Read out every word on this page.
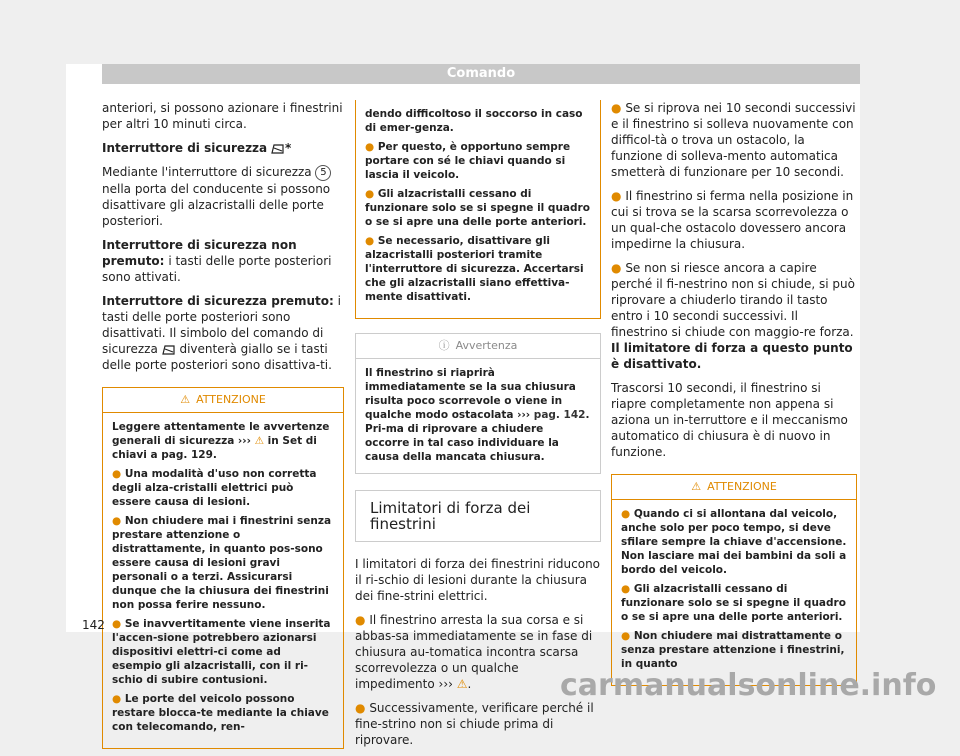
Comando

anteriori, si possono azionare i finestrini per altri 10 minuti circa.

Interruttore di sicurezza *

Mediante l'interruttore di sicurezza 5 nella porta del conducente si possono disattivare gli alzacristalli delle porte posteriori.

Interruttore di sicurezza non premuto: i tasti delle porte posteriori sono attivati.

Interruttore di sicurezza premuto: i tasti delle porte posteriori sono disattivati. Il simbolo del comando di sicurezza diventerà giallo se i tasti delle porte posteriori sono disattiva-ti.

⚠ ATTENZIONE
Leggere attentamente le avvertenze generali di sicurezza ››› ⚠ in Set di chiavi a pag. 129.
● Una modalità d'uso non corretta degli alza-cristalli elettrici può essere causa di lesioni.
● Non chiudere mai i finestrini senza prestare attenzione o distrattamente, in quanto pos-sono essere causa di lesioni gravi personali o a terzi. Assicurarsi dunque che la chiusura dei finestrini non possa ferire nessuno.
● Se inavvertitamente viene inserita l'accen-sione potrebbero azionarsi dispositivi elettri-ci come ad esempio gli alzacristalli, con il ri-schio di subire contusioni.
● Le porte del veicolo possono restare blocca-te mediante la chiave con telecomando, ren-
dendo difficoltoso il soccorso in caso di emer-genza.
● Per questo, è opportuno sempre portare con sé le chiavi quando si lascia il veicolo.
● Gli alzacristalli cessano di funzionare solo se si spegne il quadro o se si apre una delle porte anteriori.
● Se necessario, disattivare gli alzacristalli posteriori tramite l'interruttore di sicurezza. Accertarsi che gli alzacristalli siano effettiva-mente disattivati.
ⓘ Avvertenza
Il finestrino si riaprirà immediatamente se la sua chiusura risulta poco scorrevole o viene in qualche modo ostacolata ››› pag. 142. Pri-ma di riprovare a chiudere occorre in tal caso individuare la causa della mancata chiusura.
Limitatori di forza dei finestrini

I limitatori di forza dei finestrini riducono il ri-schio di lesioni durante la chiusura dei fine-strini elettrici.

● Il finestrino arresta la sua corsa e si abbas-sa immediatamente se in fase di chiusura au-tomatica incontra scarsa scorrevolezza o un qualche impedimento ››› ⚠.

● Successivamente, verificare perché il fine-strino non si chiude prima di riprovare.

● Se si riprova nei 10 secondi successivi e il finestrino si solleva nuovamente con difficol-tà o trova un ostacolo, la funzione di solleva-mento automatica smetterà di funzionare per 10 secondi.

● Il finestrino si ferma nella posizione in cui si trova se la scarsa scorrevolezza o un qual-che ostacolo dovessero ancora impedirne la chiusura.

● Se non si riesce ancora a capire perché il fi-nestrino non si chiude, si può riprovare a chiuderlo tirando il tasto entro i 10 secondi successivi. Il finestrino si chiude con maggio-re forza. Il limitatore di forza a questo punto è disattivato.

Trascorsi 10 secondi, il finestrino si riapre completamente non appena si aziona un in-terruttore e il meccanismo automatico di chiusura è di nuovo in funzione.

⚠ ATTENZIONE
● Quando ci si allontana dal veicolo, anche solo per poco tempo, si deve sfilare sempre la chiave d'accensione. Non lasciare mai dei bambini da soli a bordo del veicolo.
● Gli alzacristalli cessano di funzionare solo se si spegne il quadro o se si apre una delle porte anteriori.
● Non chiudere mai distrattamente o senza prestare attenzione i finestrini, in quanto
142
carmanualsonline.info
